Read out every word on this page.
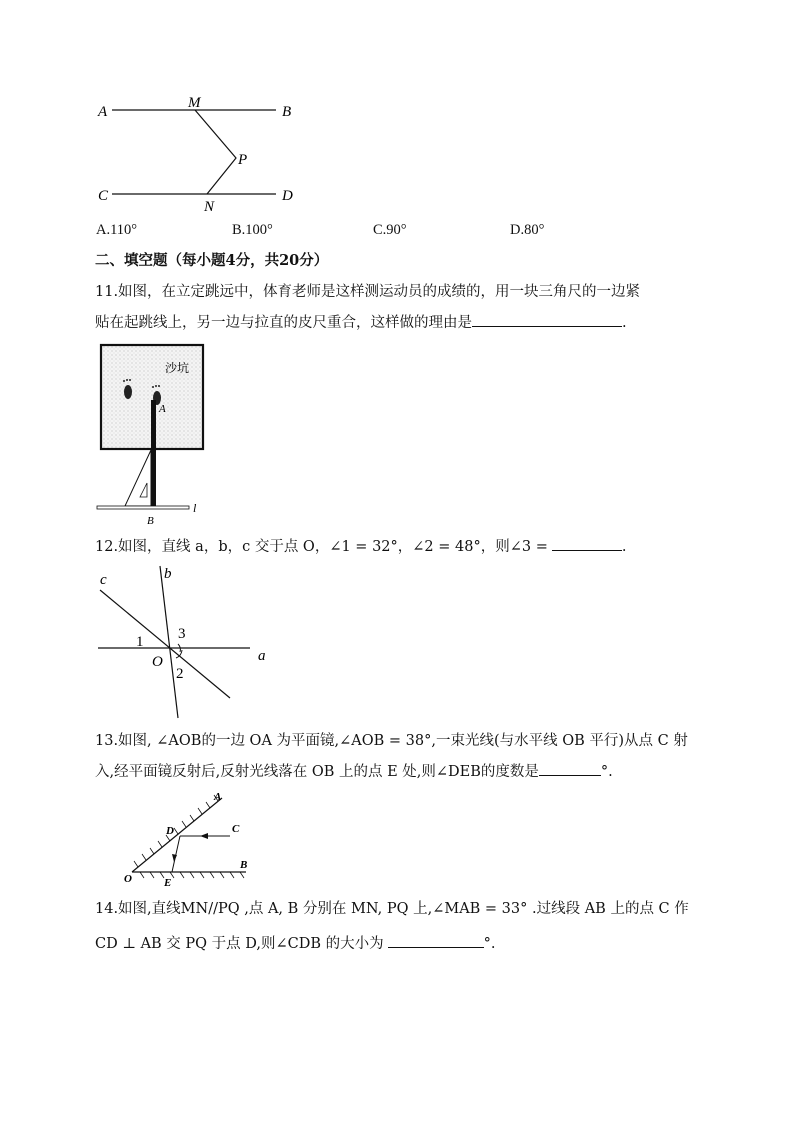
A
M
B
P
C
N
D
A.110°	B.100°	C.90°	D.80°
二、填空题（每小题4分，共20分）
11.如图，在立定跳远中，体育老师是这样测运动员的成绩的，用一块三角尺的一边紧
贴在起跳线上，另一边与拉直的皮尺重合，这样做的理由是	.
沙坑
A
l
B
12.如图，直线 a，b，c 交于点 O，∠1 = 32°，∠2 = 48°，则∠3 =	.
c	b
a
O
1
2
3
13.如图, ∠AOB的一边 OA 为平面镜,∠AOB = 38°,一束光线(与水平线 OB 平行)从点 C 射
入,经平面镜反射后,反射光线落在 OB 上的点 E 处,则∠DEB的度数是	°.
A
C
D
B
O	E
14.如图,直线MN//PQ ,点 A, B 分别在 MN, PQ 上,∠MAB = 33° .过线段 AB 上的点 C 作
CD ⊥ AB 交 PQ 于点 D,则∠CDB 的大小为	°.
